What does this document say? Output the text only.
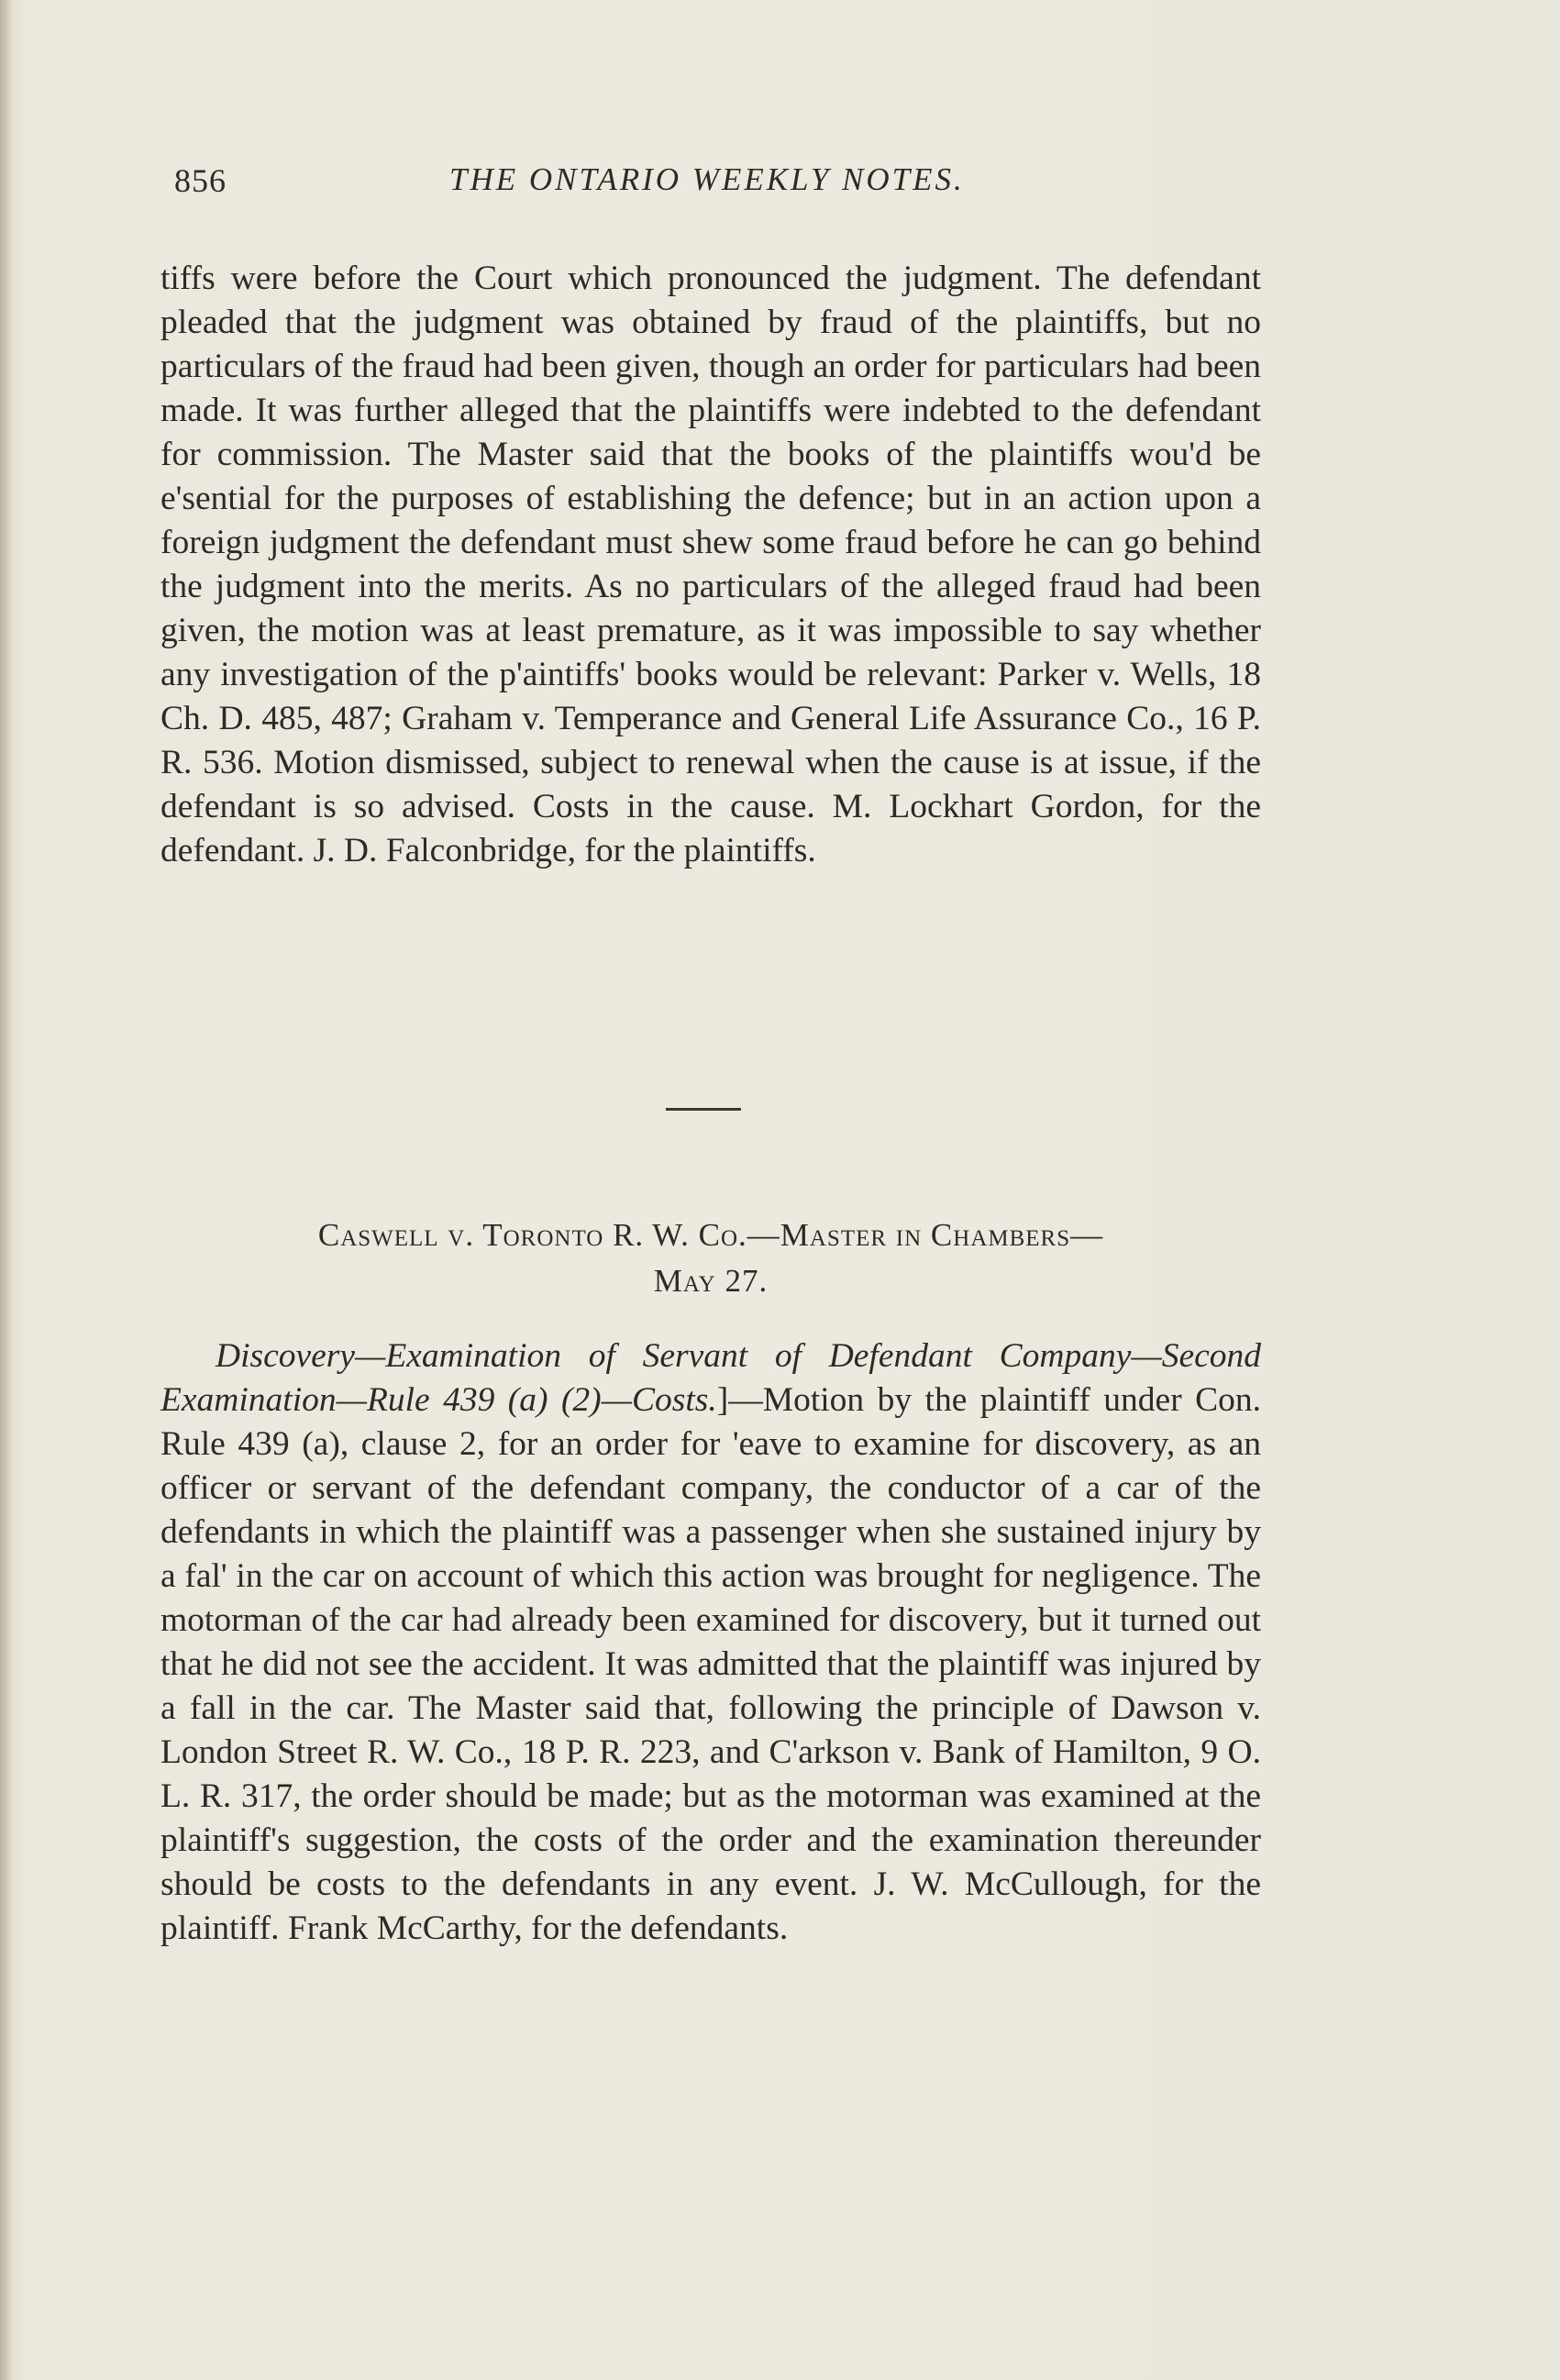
856	THE ONTARIO WEEKLY NOTES.

tiffs were before the Court which pronounced the judgment. The defendant pleaded that the judgment was obtained by fraud of the plaintiffs, but no particulars of the fraud had been given, though an order for particulars had been made. It was further alleged that the plaintiffs were indebted to the defendant for commission. The Master said that the books of the plaintiffs wou'd be e'sential for the purposes of establishing the defence; but in an action upon a foreign judgment the defendant must shew some fraud before he can go behind the judgment into the merits. As no particulars of the alleged fraud had been given, the motion was at least premature, as it was impossible to say whether any investigation of the p'aintiffs' books would be relevant: Parker v. Wells, 18 Ch. D. 485, 487; Graham v. Temperance and General Life Assurance Co., 16 P. R. 536. Motion dismissed, subject to renewal when the cause is at issue, if the defendant is so advised. Costs in the cause. M. Lockhart Gordon, for the defendant. J. D. Falconbridge, for the plaintiffs.

Caswell v. Toronto R. W. Co.—Master in Chambers—
May 27.

Discovery—Examination of Servant of Defendant Company—Second Examination—Rule 439 (a) (2)—Costs.]—Motion by the plaintiff under Con. Rule 439 (a), clause 2, for an order for 'eave to examine for discovery, as an officer or servant of the defendant company, the conductor of a car of the defendants in which the plaintiff was a passenger when she sustained injury by a fal' in the car on account of which this action was brought for negligence. The motorman of the car had already been examined for discovery, but it turned out that he did not see the accident. It was admitted that the plaintiff was injured by a fall in the car. The Master said that, following the principle of Dawson v. London Street R. W. Co., 18 P. R. 223, and C'arkson v. Bank of Hamilton, 9 O. L. R. 317, the order should be made; but as the motorman was examined at the plaintiff's suggestion, the costs of the order and the examination thereunder should be costs to the defendants in any event. J. W. McCullough, for the plaintiff. Frank McCarthy, for the defendants.
